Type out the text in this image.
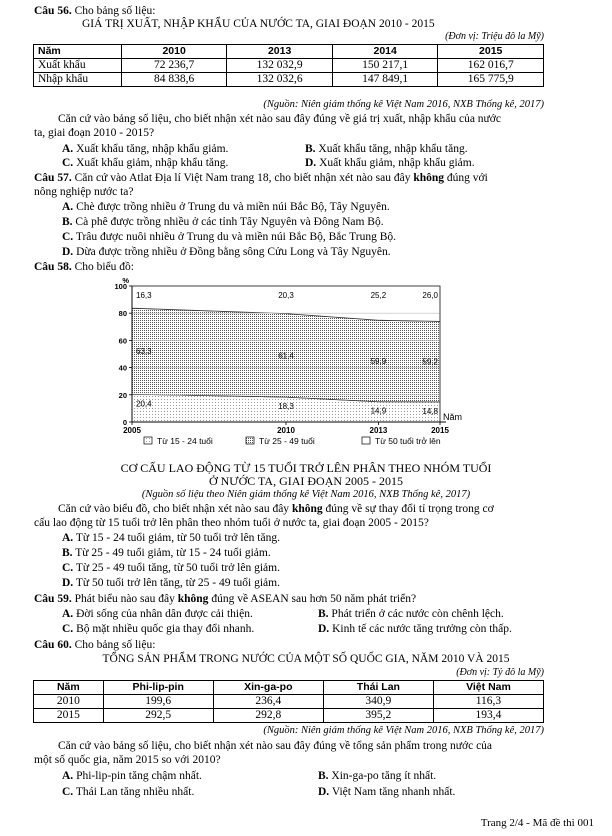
Câu 56. Cho bảng số liệu:
GIÁ TRỊ XUẤT, NHẬP KHẨU CỦA NƯỚC TA, GIAI ĐOẠN 2010 - 2015
(Đơn vị: Triệu đô la Mỹ)
Năm	2010	2013	2014	2015
Xuất khẩu	72 236,7	132 032,9	150 217,1	162 016,7
Nhập khẩu	84 838,6	132 032,6	147 849,1	165 775,9
(Nguồn: Niên giám thống kê Việt Nam 2016, NXB Thống kê, 2017)
Căn cứ vào bảng số liệu, cho biết nhận xét nào sau đây đúng về giá trị xuất, nhập khẩu của nước
ta, giai đoạn 2010 - 2015?
A. Xuất khẩu tăng, nhập khẩu giảm.	B. Xuất khẩu tăng, nhập khẩu tăng.
C. Xuất khẩu giảm, nhập khẩu tăng.	D. Xuất khẩu giảm, nhập khẩu giảm.
Câu 57. Căn cứ vào Atlat Địa lí Việt Nam trang 18, cho biết nhận xét nào sau đây không đúng với
nông nghiệp nước ta?
A. Chè được trồng nhiều ở Trung du và miền núi Bắc Bộ, Tây Nguyên.
B. Cà phê được trồng nhiều ở các tỉnh Tây Nguyên và Đông Nam Bộ.
C. Trâu được nuôi nhiều ở Trung du và miền núi Bắc Bộ, Bắc Trung Bộ.
D. Dừa được trồng nhiều ở Đồng bằng sông Cửu Long và Tây Nguyên.
Câu 58. Cho biểu đồ:
0
20
40
60
80
100
%
Năm
2005	2010	2013	2015
20,4	18,3
14,9	14,8
63,3	61,4
59,9	59,2
16,3	20,3	25,2	26,0
Từ 15 - 24 tuổi	Từ 25 - 49 tuổi	Từ 50 tuổi trở lên
CƠ CẤU LAO ĐỘNG TỪ 15 TUỔI TRỞ LÊN PHÂN THEO NHÓM TUỔI
Ở NƯỚC TA, GIAI ĐOẠN 2005 - 2015
(Nguồn số liệu theo Niên giám thống kê Việt Nam 2016, NXB Thống kê, 2017)
Căn cứ vào biểu đồ, cho biết nhận xét nào sau đây không đúng về sự thay đổi tỉ trọng trong cơ
cấu lao động từ 15 tuổi trở lên phân theo nhóm tuổi ở nước ta, giai đoạn 2005 - 2015?
A. Từ 15 - 24 tuổi giảm, từ 50 tuổi trở lên tăng.
B. Từ 25 - 49 tuổi giảm, từ 15 - 24 tuổi giảm.
C. Từ 25 - 49 tuổi tăng, từ 50 tuổi trở lên giảm.
D. Từ 50 tuổi trở lên tăng, từ 25 - 49 tuổi giảm.
Câu 59. Phát biểu nào sau đây không đúng về ASEAN sau hơn 50 năm phát triển?
A. Đời sống của nhân dân được cải thiện.	B. Phát triển ở các nước còn chênh lệch.
C. Bộ mặt nhiều quốc gia thay đổi nhanh.	D. Kinh tế các nước tăng trưởng còn thấp.
Câu 60. Cho bảng số liệu:
TỔNG SẢN PHẨM TRONG NƯỚC CỦA MỘT SỐ QUỐC GIA, NĂM 2010 VÀ 2015
(Đơn vị: Tỷ đô la Mỹ)
Năm	Phi-lip-pin	Xin-ga-po	Thái Lan	Việt Nam
2010	199,6	236,4	340,9	116,3
2015	292,5	292,8	395,2	193,4
(Nguồn: Niên giám thống kê Việt Nam 2016, NXB Thống kê, 2017)
Căn cứ vào bảng số liệu, cho biết nhận xét nào sau đây đúng về tổng sản phẩm trong nước của
một số quốc gia, năm 2015 so với 2010?
A. Phi-lip-pin tăng chậm nhất.	B. Xin-ga-po tăng ít nhất.
C. Thái Lan tăng nhiều nhất.	D. Việt Nam tăng nhanh nhất.
Trang 2/4 - Mã đề thi 001
